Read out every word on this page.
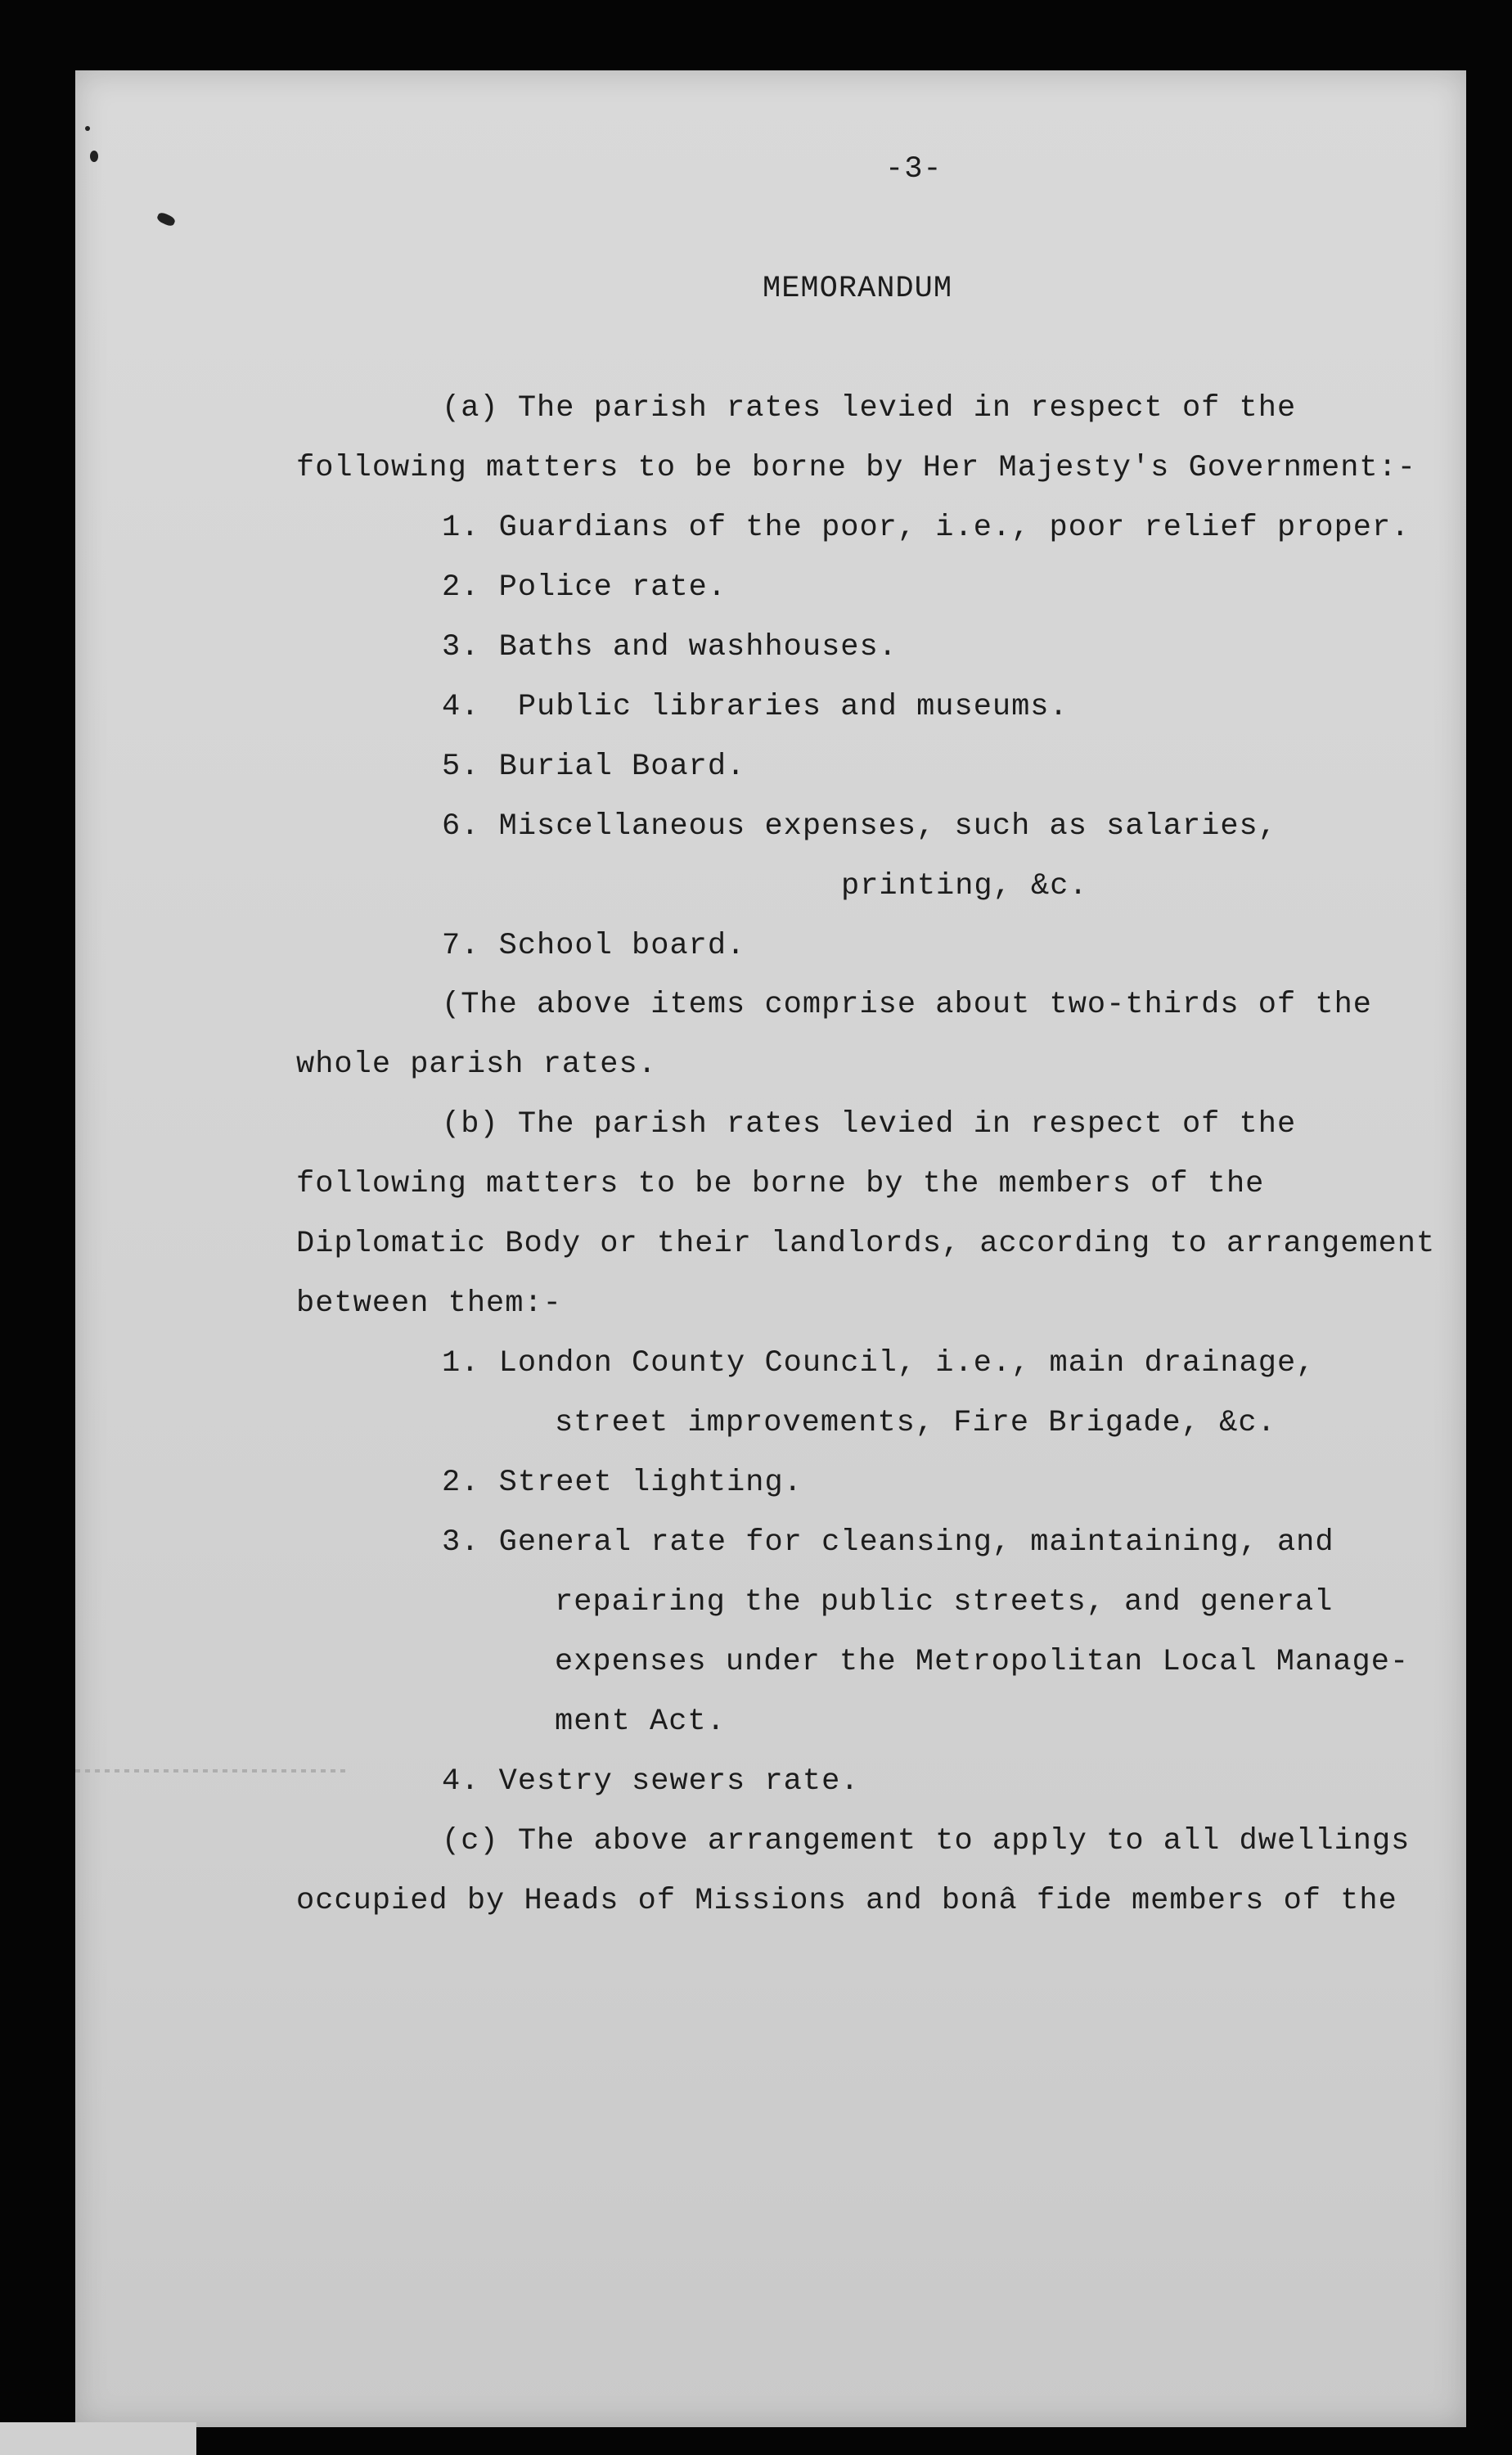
-3-
MEMORANDUM
(a) The parish rates levied in respect of the
following matters to be borne by Her Majesty's Government:-
1. Guardians of the poor, i.e., poor relief proper.
2. Police rate.
3. Baths and washhouses.
4.  Public libraries and museums.
5. Burial Board.
6. Miscellaneous expenses, such as salaries,
printing, &c.
7. School board.
(The above items comprise about two-thirds of the
whole parish rates.
(b) The parish rates levied in respect of the
following matters to be borne by the members of the
Diplomatic Body or their landlords, according to arrangement
between them:-
1. London County Council, i.e., main drainage,
street improvements, Fire Brigade, &c.
2. Street lighting.
3. General rate for cleansing, maintaining, and
repairing the public streets, and general
expenses under the Metropolitan Local Manage-
ment Act.
4. Vestry sewers rate.
(c) The above arrangement to apply to all dwellings
occupied by Heads of Missions and bonâ fide members of the
